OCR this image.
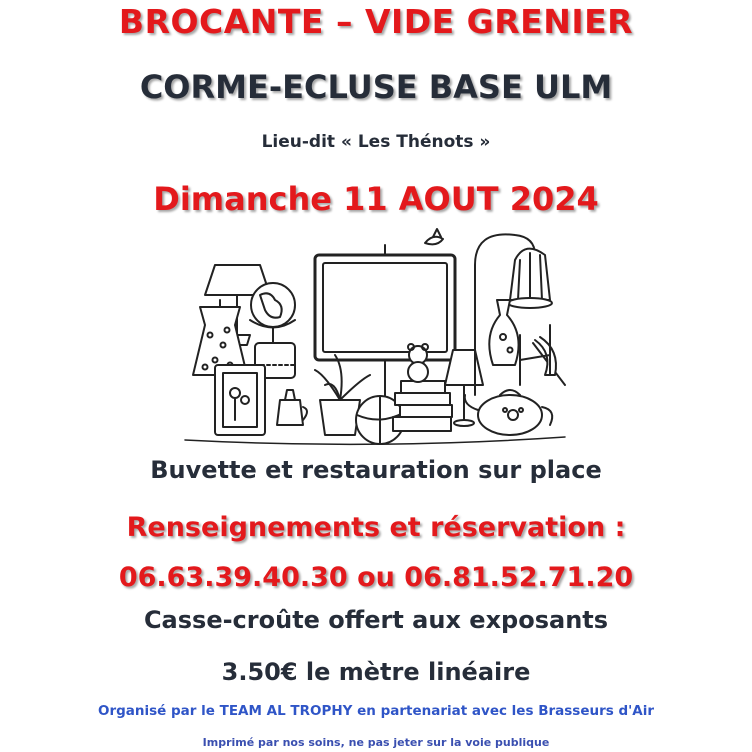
BROCANTE – VIDE GRENIER
CORME-ECLUSE BASE ULM
Lieu-dit « Les Thénots »
Dimanche 11 AOUT 2024
Buvette et restauration sur place
Renseignements et réservation :
06.63.39.40.30 ou 06.81.52.71.20
Casse-croûte offert aux exposants
3.50€ le mètre linéaire
Organisé par le TEAM AL TROPHY en partenariat avec les Brasseurs d'Air
Imprimé par nos soins, ne pas jeter sur la voie publique
